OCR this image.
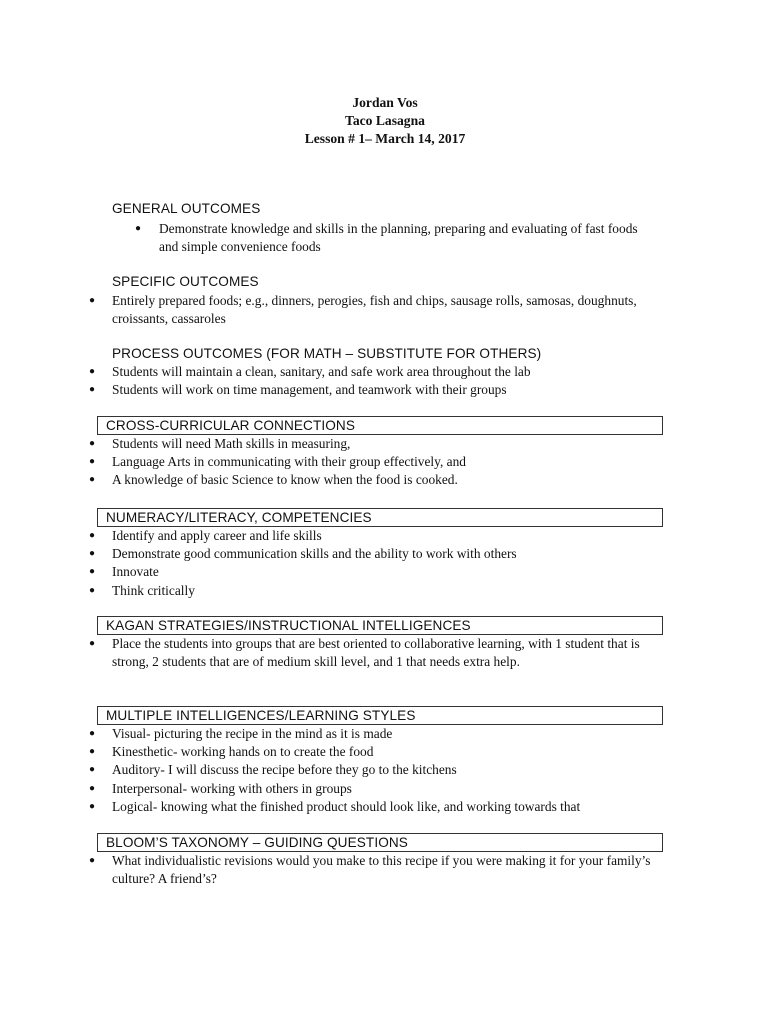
Jordan Vos
Taco Lasagna
Lesson # 1– March 14, 2017
GENERAL OUTCOMES
● Demonstrate knowledge and skills in the planning, preparing and evaluating of fast foods and simple convenience foods
SPECIFIC OUTCOMES
● Entirely prepared foods; e.g., dinners, perogies, fish and chips, sausage rolls, samosas, doughnuts, croissants, cassaroles
PROCESS OUTCOMES (FOR MATH – SUBSTITUTE FOR OTHERS)
● Students will maintain a clean, sanitary, and safe work area throughout the lab
● Students will work on time management, and teamwork with their groups
CROSS-CURRICULAR CONNECTIONS
● Students will need Math skills in measuring,
● Language Arts in communicating with their group effectively, and
● A knowledge of basic Science to know when the food is cooked.
NUMERACY/LITERACY, COMPETENCIES
● Identify and apply career and life skills
● Demonstrate good communication skills and the ability to work with others
● Innovate
● Think critically
KAGAN STRATEGIES/INSTRUCTIONAL INTELLIGENCES
● Place the students into groups that are best oriented to collaborative learning, with 1 student that is strong, 2 students that are of medium skill level, and 1 that needs extra help.
MULTIPLE INTELLIGENCES/LEARNING STYLES
● Visual- picturing the recipe in the mind as it is made
● Kinesthetic- working hands on to create the food
● Auditory- I will discuss the recipe before they go to the kitchens
● Interpersonal- working with others in groups
● Logical- knowing what the finished product should look like, and working towards that
BLOOM’S TAXONOMY – GUIDING QUESTIONS
● What individualistic revisions would you make to this recipe if you were making it for your family’s culture? A friend’s?
